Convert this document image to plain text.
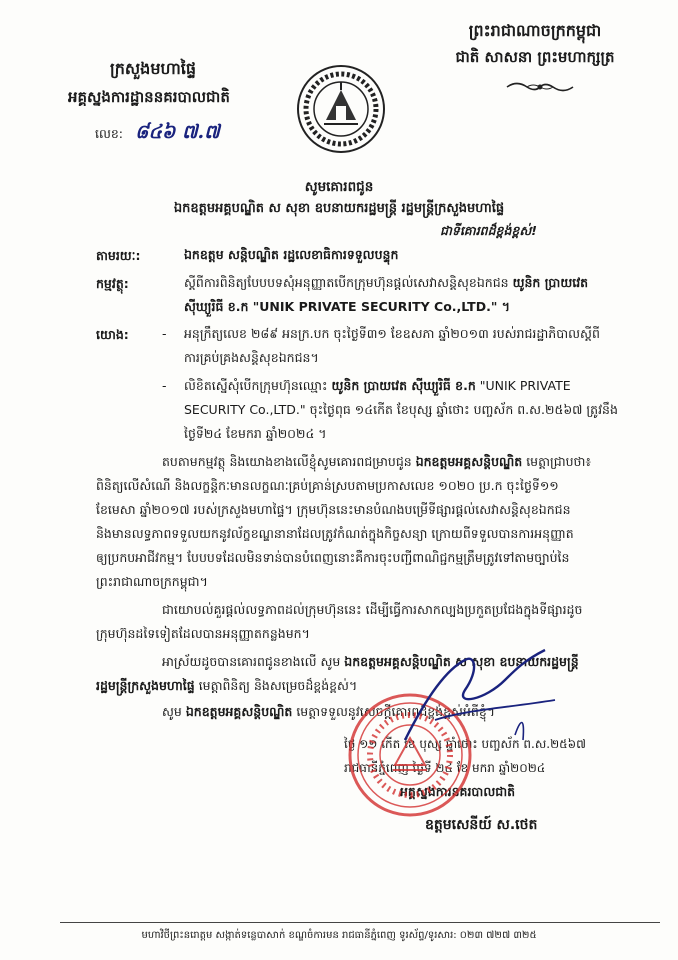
ព្រះរាជាណាចក្រកម្ពុជា
ជាតិ សាសនា ព្រះមហាក្សត្រ
ក្រសួងមហាផ្ទៃ
អគ្គស្នងការដ្ឋាននគរបាលជាតិ
លេខ: ៨៤៦ ៧.៧
សូមគោរពជូន
ឯកឧត្តមអគ្គបណ្ឌិត ស សុខា ឧបនាយករដ្ឋមន្ត្រី រដ្ឋមន្ត្រីក្រសួងមហាផ្ទៃ
ជាទីគោរពដ៏ខ្ពង់ខ្ពស់!
តាមរយៈ:	ឯកឧត្តម សន្តិបណ្ឌិត រដ្ឋលេខាធិការទទួលបន្ទុក
កម្មវត្ថុ:	ស្តីពីការពិនិត្យបែបបទសុំអនុញ្ញាតបើកក្រុមហ៊ុនផ្តល់សេវាសន្តិសុខឯកជន យូនិក ប្រាយវេត
ស៊ីឃ្យួរិធី ខ.ក "UNIK PRIVATE SECURITY Co.,LTD." ។
យោង:	- អនុក្រឹត្យលេខ ២៨៩ អនក្រ.បក ចុះថ្ងៃទី៣១ ខែឧសភា ឆ្នាំ២០១៣ របស់រាជរដ្ឋាភិបាលស្តីពី
ការគ្រប់គ្រងសន្តិសុខឯកជន។
- លិខិតស្នើសុំបើកក្រុមហ៊ុនឈ្មោះ យូនិក ប្រាយវេត ស៊ីឃ្យួរិធី ខ.ក "UNIK PRIVATE
SECURITY Co.,LTD." ចុះថ្ងៃពុធ ១៤កើត ខែបុស្ស ឆ្នាំថោះ បញ្ចស័ក ព.ស.២៥៦៧ ត្រូវនឹង
ថ្ងៃទី២៤ ខែមករា ឆ្នាំ២០២៤ ។
តបតាមកម្មវត្ថុ និងយោងខាងលើខ្ញុំសូមគោរពជម្រាបជូន ឯកឧត្តមអគ្គសន្តិបណ្ឌិត មេត្តាជ្រាបថា៖
ពិនិត្យលើសំណើ និងលក្ខន្តិកៈមានលក្ខណៈគ្រប់គ្រាន់ស្របតាមប្រកាសលេខ ១០២០ ប្រ.ក ចុះថ្ងៃទី១១
ខែមេសា ឆ្នាំ២០១៧ របស់ក្រសួងមហាផ្ទៃ។ ក្រុមហ៊ុននេះមានបំណងបម្រើទីផ្សារផ្តល់សេវាសន្តិសុខឯកជន
និងមានលទ្ធភាពទទួលយកនូវល័ក្ខខណ្ឌនានាដែលត្រូវកំណត់ក្នុងកិច្ចសន្យា ក្រោយពីទទួលបានការអនុញ្ញាត
ឲ្យប្រកបអាជីវកម្ម។ បែបបទដែលមិនទាន់បានបំពេញនោះគឺការចុះបញ្ជីពាណិជ្ជកម្មត្រឹមត្រូវទៅតាមច្បាប់នៃ
ព្រះរាជាណាចក្រកម្ពុជា។
ជាយោបល់គួរផ្តល់លទ្ធភាពដល់ក្រុមហ៊ុននេះ ដើម្បីធ្វើការសាកល្បងប្រកួតប្រជែងក្នុងទីផ្សារដូច
ក្រុមហ៊ុនដទៃទៀតដែលបានអនុញ្ញាតកន្លងមក។
អាស្រ័យដូចបានគោរពជូនខាងលើ សូម ឯកឧត្តមអគ្គសន្តិបណ្ឌិត ស សុខា ឧបនាយករដ្ឋមន្ត្រី
រដ្ឋមន្ត្រីក្រសួងមហាផ្ទៃ មេត្តាពិនិត្យ និងសម្រេចដ៏ខ្ពង់ខ្ពស់។
សូម ឯកឧត្តមអគ្គសន្តិបណ្ឌិត មេត្តាទទួលនូវសេចក្តីគោរពដ៏ខ្ពង់ខ្ពស់អំពីខ្ញុំ។
ថ្ងៃ ១១ កើត ខែ បុស្ស ឆ្នាំថោះ បញ្ចស័ក ព.ស.២៥៦៧
រាជធានីភ្នំពេញ ថ្ងៃទី ២៤ ខែ មករា ឆ្នាំ២០២៤
អគ្គស្នងការនគរបាលជាតិ
ឧត្តមសេនីយ៍ ស.ថេត
មហាវិថីព្រះនរោត្តម សង្កាត់ទន្លេបាសាក់ ខណ្ឌចំការមន រាជធានីភ្នំពេញ ទូរស័ព្ទ/ទូរសារ: ០២៣ ៧២៧ ៣២៥
